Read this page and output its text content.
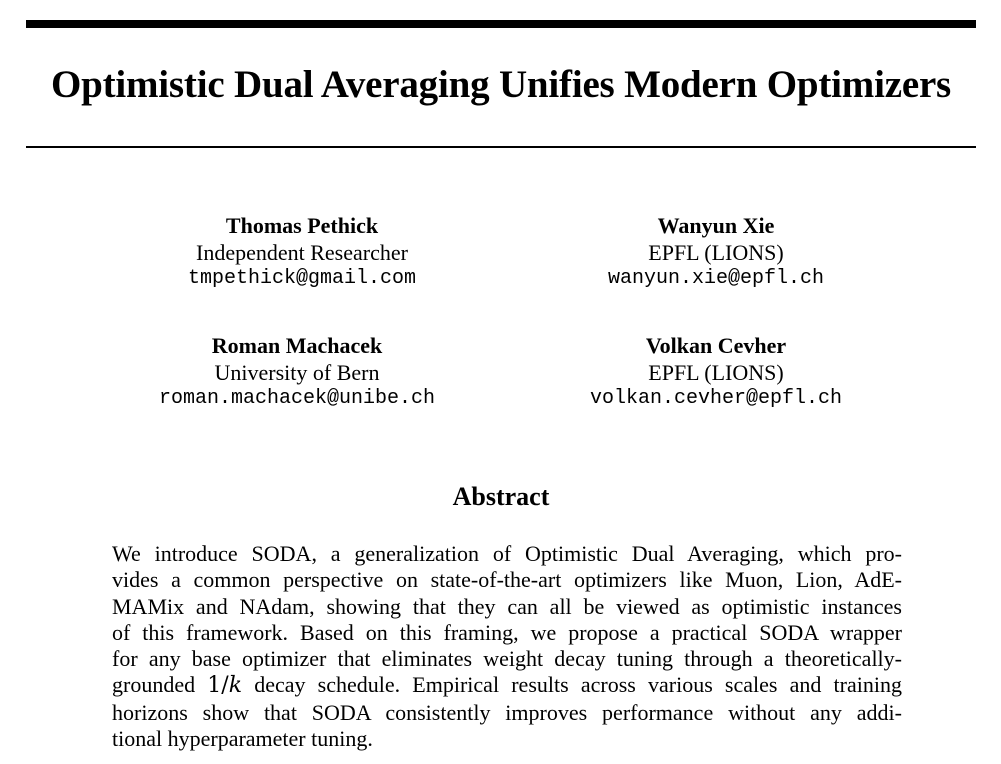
Optimistic Dual Averaging Unifies Modern Optimizers
Thomas Pethick
Independent Researcher
tmpethick@gmail.com
Wanyun Xie
EPFL (LIONS)
wanyun.xie@epfl.ch
Roman Machacek
University of Bern
roman.machacek@unibe.ch
Volkan Cevher
EPFL (LIONS)
volkan.cevher@epfl.ch
Abstract
We introduce SODA, a generalization of Optimistic Dual Averaging, which pro-
vides a common perspective on state-of-the-art optimizers like Muon, Lion, AdE-
MAMix and NAdam, showing that they can all be viewed as optimistic instances
of this framework. Based on this framing, we propose a practical SODA wrapper
for any base optimizer that eliminates weight decay tuning through a theoretically-
grounded 1/k decay schedule. Empirical results across various scales and training
horizons show that SODA consistently improves performance without any addi-
tional hyperparameter tuning.
